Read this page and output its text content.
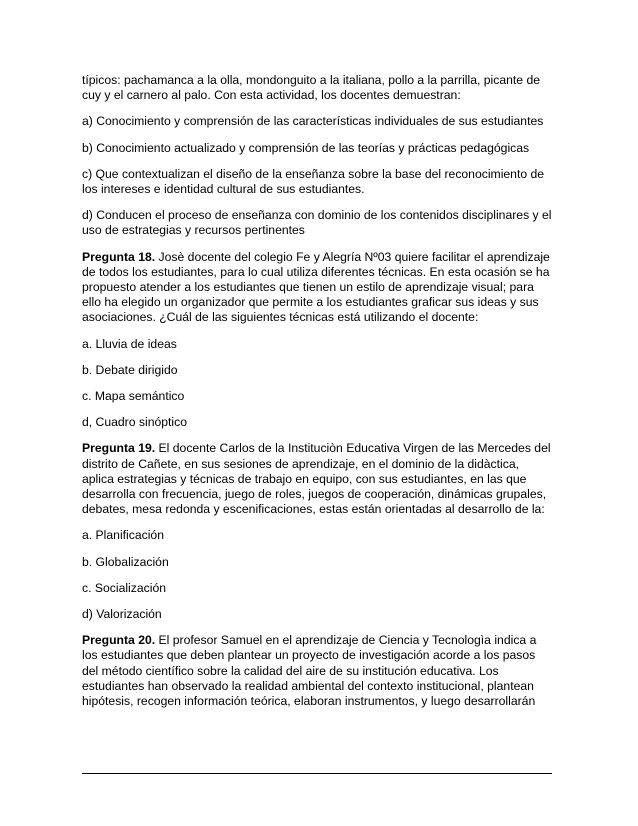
típicos: pachamanca a la olla, mondonguito a la italiana, pollo a la parrilla, picante de cuy y el carnero al palo. Con esta actividad, los docentes demuestran:

a) Conocimiento y comprensión de las características individuales de sus estudiantes

b) Conocimiento actualizado y comprensión de las teorías y prácticas pedagógicas

c) Que contextualizan el diseño de la enseñanza sobre la base del reconocimiento de los intereses e identidad cultural de sus estudiantes.

d) Conducen el proceso de enseñanza con dominio de los contenidos disciplinares y el uso de estrategias y recursos pertinentes

Pregunta 18. Josè docente del colegio Fe y Alegría Nº03 quiere facilitar el aprendizaje de todos los estudiantes, para lo cual utiliza diferentes técnicas. En esta ocasión se ha propuesto atender a los estudiantes que tienen un estilo de aprendizaje visual; para ello ha elegido un organizador que permite a los estudiantes graficar sus ideas y sus asociaciones. ¿Cuál de las siguientes técnicas está utilizando el docente:

a. Lluvia de ideas

b. Debate dirigido

c. Mapa semántico

d, Cuadro sinóptico

Pregunta 19. El docente Carlos de la Instituciòn Educativa Virgen de las Mercedes del distrito de Cañete, en sus sesiones de aprendizaje, en el dominio de la didàctica, aplica estrategias y técnicas de trabajo en equipo, con sus estudiantes, en las que desarrolla con frecuencia, juego de roles, juegos de cooperación, dinámicas grupales, debates, mesa redonda y escenificaciones, estas están orientadas al desarrollo de la:

a. Planificación

b. Globalización

c. Socialización

d) Valorización

Pregunta 20. El profesor Samuel en el aprendizaje de Ciencia y Tecnologìa indica a los estudiantes que deben plantear un proyecto de investigación acorde a los pasos del método científico sobre la calidad del aire de su institución educativa. Los estudiantes han observado la realidad ambiental del contexto institucional, plantean hipótesis, recogen información teórica, elaboran instrumentos, y luego desarrollarán
